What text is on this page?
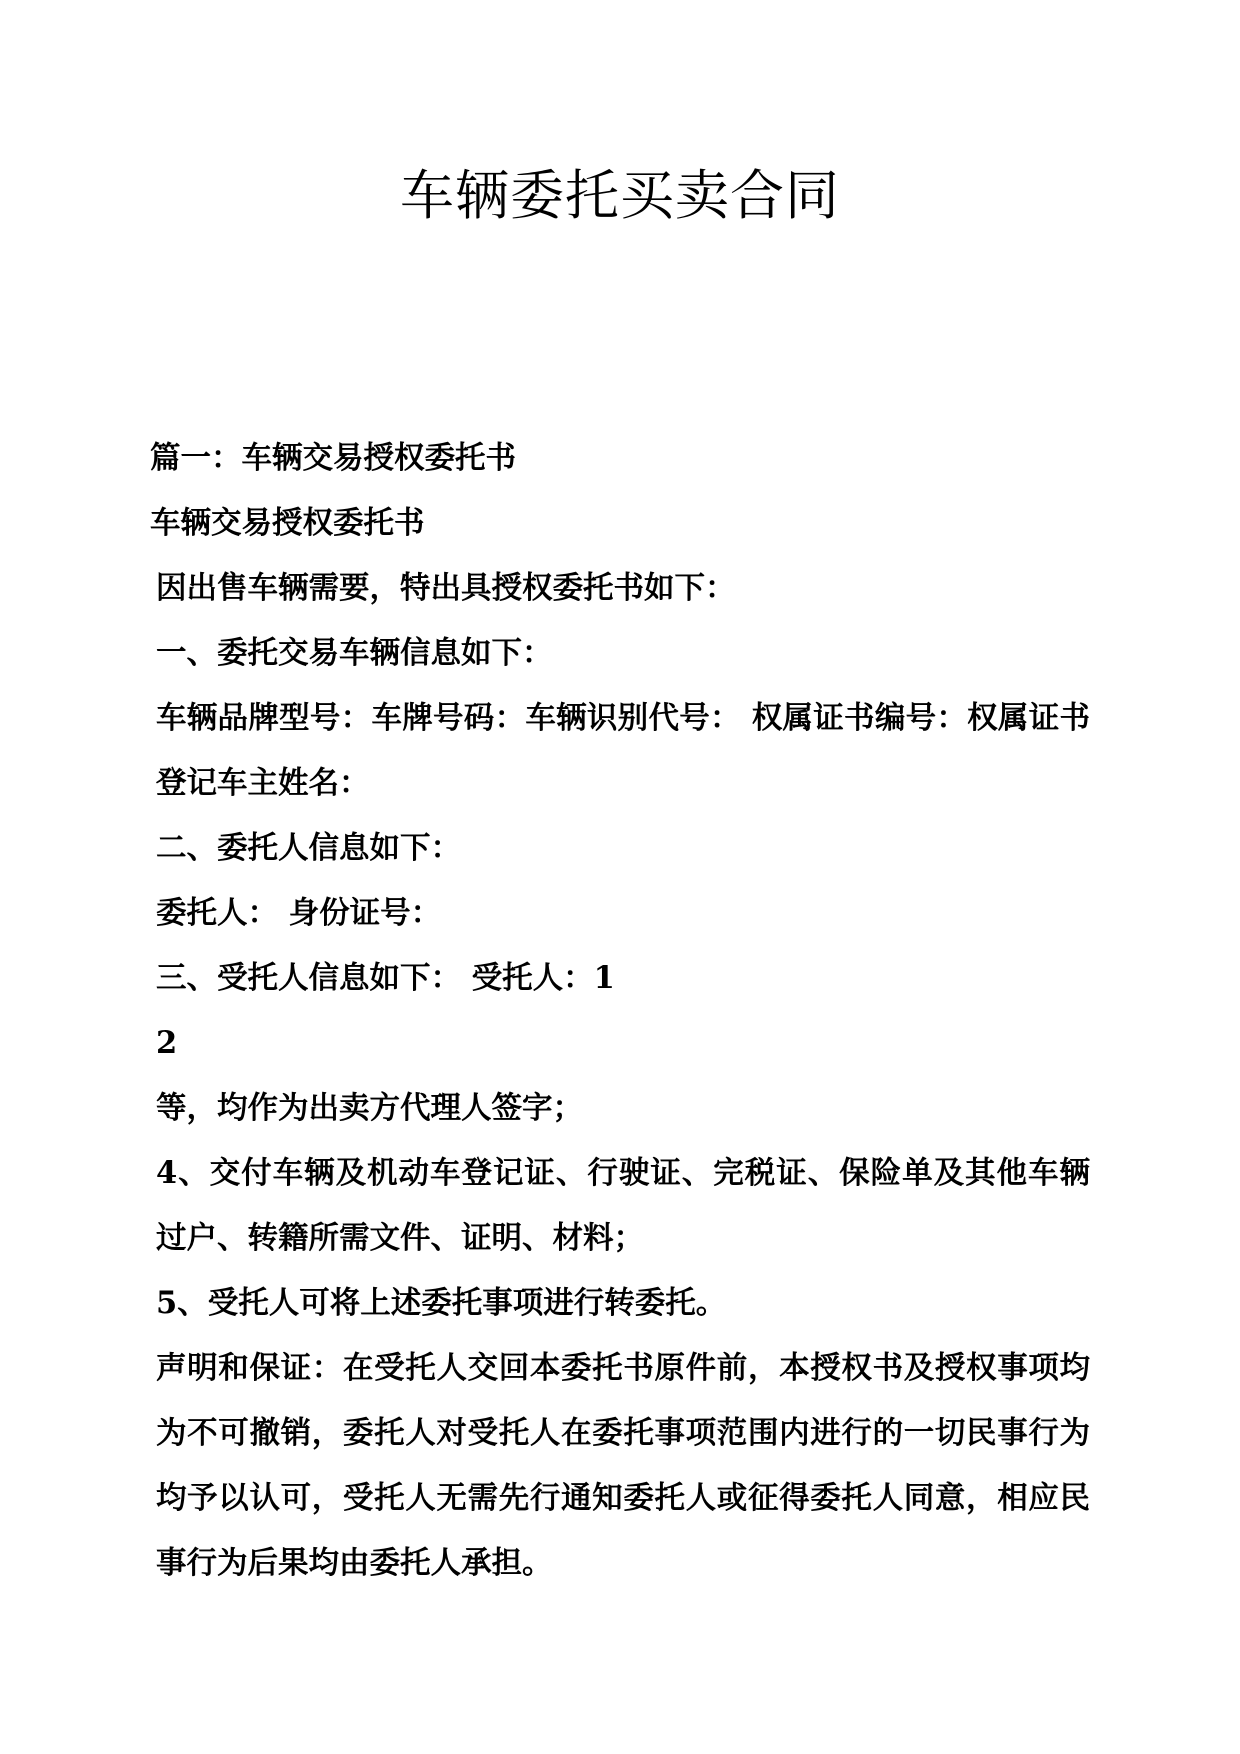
车辆委托买卖合同

篇一：车辆交易授权委托书

车辆交易授权委托书

因出售车辆需要，特出具授权委托书如下：

一、委托交易车辆信息如下：

车辆品牌型号：车牌号码：车辆识别代号： 权属证书编号：权属证书登记车主姓名：

二、委托人信息如下：

委托人： 身份证号：

三、受托人信息如下： 受托人：1

2

等，均作为出卖方代理人签字；

4、交付车辆及机动车登记证、行驶证、完税证、保险单及其他车辆过户、转籍所需文件、证明、材料；

5、受托人可将上述委托事项进行转委托。

声明和保证：在受托人交回本委托书原件前，本授权书及授权事项均为不可撤销，委托人对受托人在委托事项范围内进行的一切民事行为均予以认可，受托人无需先行通知委托人或征得委托人同意，相应民事行为后果均由委托人承担。
